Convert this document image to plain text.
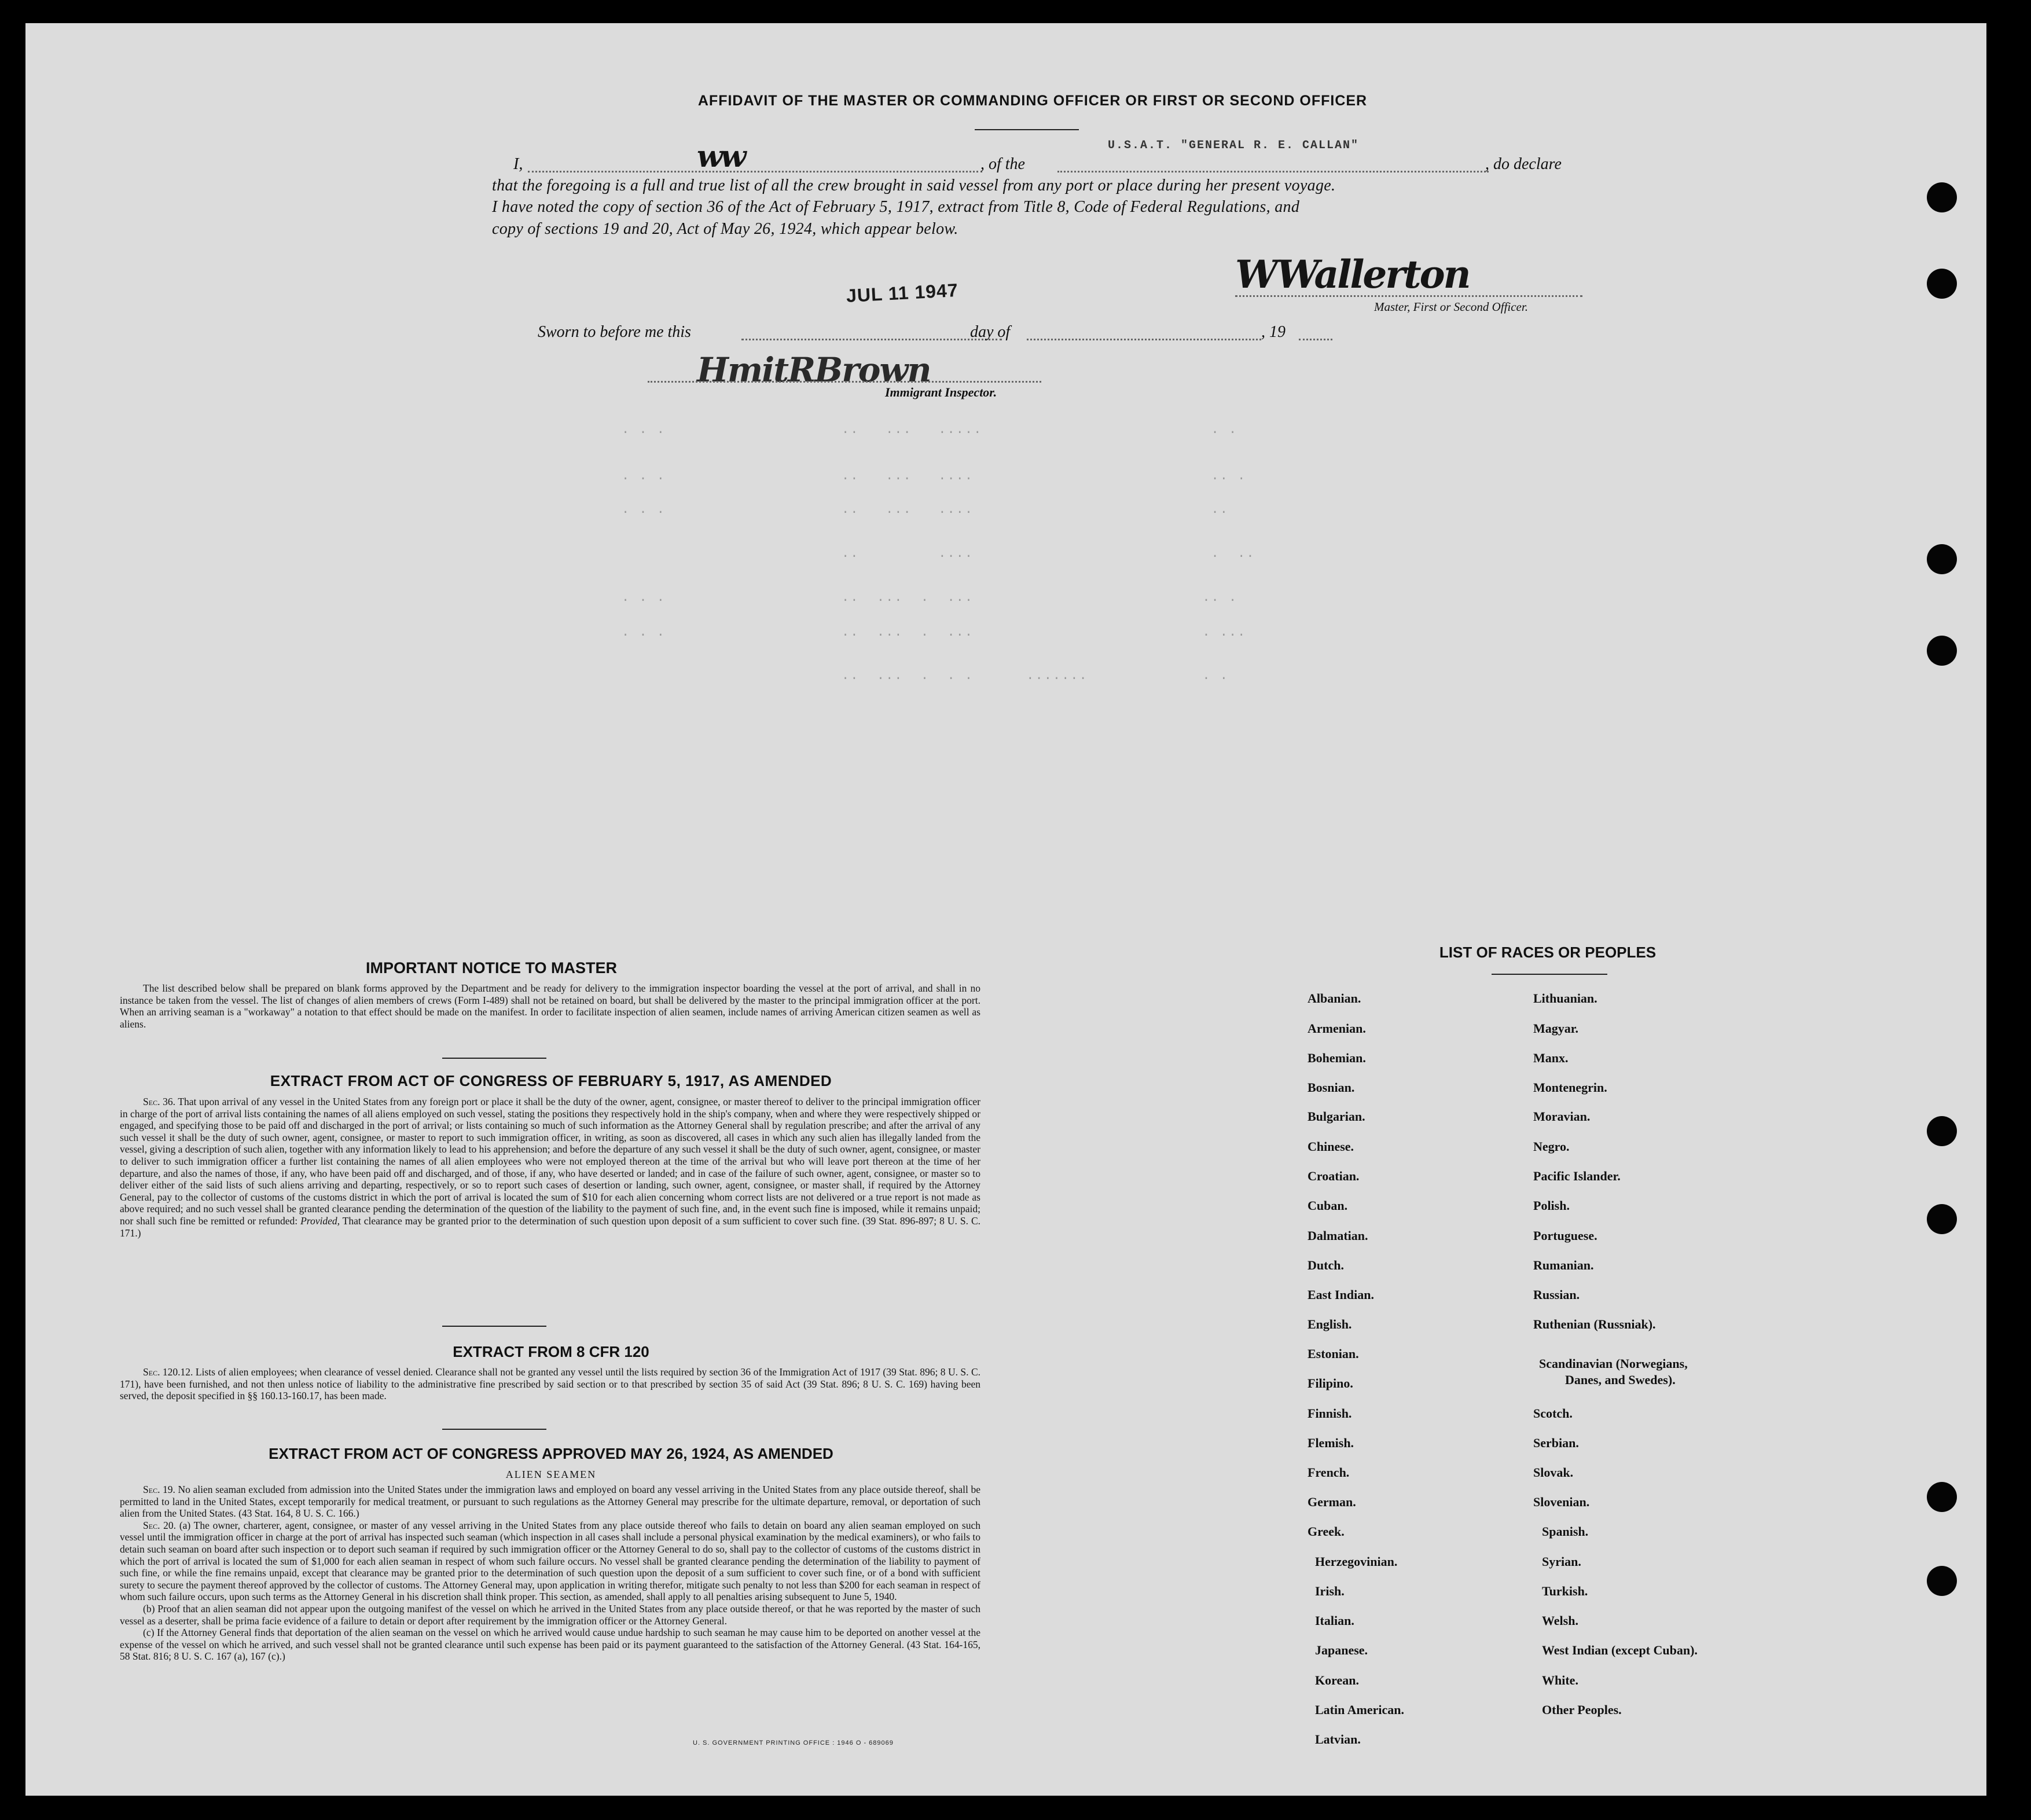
AFFIDAVIT OF THE MASTER OR COMMANDING OFFICER OR FIRST OR SECOND OFFICER
U.S.A.T. "GENERAL R. E. CALLAN"
I,	ww	, of the	, do declare
that the foregoing is a full and true list of all the crew brought in said vessel from any port or place during her present voyage.
I have noted the copy of section 36 of the Act of February 5, 1917, extract from Title 8, Code of Federal Regulations, and
copy of sections 19 and 20, Act of May 26, 1924, which appear below.
WWallerton
Master, First or Second Officer.
JUL 11 1947
Sworn to before me this	day of	, 19
HmitRBrown
Immigrant Inspector.
. . .                    ..   ...   .....                          . .
. . .                    ..   ...   ....                           .. .
. . .                    ..   ...   ....                           ..
..         ....                           .  ..
. . .                    ..  ...  .  ...                          .. .
. . .                    ..  ...  .  ...                          . ...
..  ...  .  . .      .......             . .
IMPORTANT NOTICE TO MASTER
The list described below shall be prepared on blank forms approved by the Department and be ready for delivery to the immigration inspector boarding the vessel at the port of arrival, and shall in no instance be taken from the vessel. The list of changes of alien members of crews (Form I-489) shall not be retained on board, but shall be delivered by the master to the principal immigration officer at the port. When an arriving seaman is a "workaway" a notation to that effect should be made on the manifest. In order to facilitate inspection of alien seamen, include names of arriving American citizen seamen as well as aliens.
EXTRACT FROM ACT OF CONGRESS OF FEBRUARY 5, 1917, AS AMENDED
Sec. 36. That upon arrival of any vessel in the United States from any foreign port or place it shall be the duty of the owner, agent, consignee, or master thereof to deliver to the principal immigration officer in charge of the port of arrival lists containing the names of all aliens employed on such vessel, stating the positions they respectively hold in the ship's company, when and where they were respectively shipped or engaged, and specifying those to be paid off and discharged in the port of arrival; or lists containing so much of such information as the Attorney General shall by regulation prescribe; and after the arrival of any such vessel it shall be the duty of such owner, agent, consignee, or master to report to such immigration officer, in writing, as soon as discovered, all cases in which any such alien has illegally landed from the vessel, giving a description of such alien, together with any information likely to lead to his apprehension; and before the departure of any such vessel it shall be the duty of such owner, agent, consignee, or master to deliver to such immigration officer a further list containing the names of all alien employees who were not employed thereon at the time of the arrival but who will leave port thereon at the time of her departure, and also the names of those, if any, who have been paid off and discharged, and of those, if any, who have deserted or landed; and in case of the failure of such owner, agent, consignee, or master so to deliver either of the said lists of such aliens arriving and departing, respectively, or so to report such cases of desertion or landing, such owner, agent, consignee, or master shall, if required by the Attorney General, pay to the collector of customs of the customs district in which the port of arrival is located the sum of $10 for each alien concerning whom correct lists are not delivered or a true report is not made as above required; and no such vessel shall be granted clearance pending the determination of the question of the liability to the payment of such fine, and, in the event such fine is imposed, while it remains unpaid; nor shall such fine be remitted or refunded: Provided, That clearance may be granted prior to the determination of such question upon deposit of a sum sufficient to cover such fine. (39 Stat. 896-897; 8 U. S. C. 171.)
EXTRACT FROM 8 CFR 120
Sec. 120.12. Lists of alien employees; when clearance of vessel denied. Clearance shall not be granted any vessel until the lists required by section 36 of the Immigration Act of 1917 (39 Stat. 896; 8 U. S. C. 171), have been furnished, and not then unless notice of liability to the administrative fine prescribed by said section or to that prescribed by section 35 of said Act (39 Stat. 896; 8 U. S. C. 169) having been served, the deposit specified in §§ 160.13-160.17, has been made.
EXTRACT FROM ACT OF CONGRESS APPROVED MAY 26, 1924, AS AMENDED
ALIEN SEAMEN
Sec. 19. No alien seaman excluded from admission into the United States under the immigration laws and employed on board any vessel arriving in the United States from any place outside thereof, shall be permitted to land in the United States, except temporarily for medical treatment, or pursuant to such regulations as the Attorney General may prescribe for the ultimate departure, removal, or deportation of such alien from the United States. (43 Stat. 164, 8 U. S. C. 166.)
Sec. 20. (a) The owner, charterer, agent, consignee, or master of any vessel arriving in the United States from any place outside thereof who fails to detain on board any alien seaman employed on such vessel until the immigration officer in charge at the port of arrival has inspected such seaman (which inspection in all cases shall include a personal physical examination by the medical examiners), or who fails to detain such seaman on board after such inspection or to deport such seaman if required by such immigration officer or the Attorney General to do so, shall pay to the collector of customs of the customs district in which the port of arrival is located the sum of $1,000 for each alien seaman in respect of whom such failure occurs. No vessel shall be granted clearance pending the determination of the liability to payment of such fine, or while the fine remains unpaid, except that clearance may be granted prior to the determination of such question upon the deposit of a sum sufficient to cover such fine, or of a bond with sufficient surety to secure the payment thereof approved by the collector of customs. The Attorney General may, upon application in writing therefor, mitigate such penalty to not less than $200 for each seaman in respect of whom such failure occurs, upon such terms as the Attorney General in his discretion shall think proper. This section, as amended, shall apply to all penalties arising subsequent to June 5, 1940.
(b) Proof that an alien seaman did not appear upon the outgoing manifest of the vessel on which he arrived in the United States from any place outside thereof, or that he was reported by the master of such vessel as a deserter, shall be prima facie evidence of a failure to detain or deport after requirement by the immigration officer or the Attorney General.
(c) If the Attorney General finds that deportation of the alien seaman on the vessel on which he arrived would cause undue hardship to such seaman he may cause him to be deported on another vessel at the expense of the vessel on which he arrived, and such vessel shall not be granted clearance until such expense has been paid or its payment guaranteed to the satisfaction of the Attorney General. (43 Stat. 164-165, 58 Stat. 816; 8 U. S. C. 167 (a), 167 (c).)
U. S. GOVERNMENT PRINTING OFFICE : 1946 O - 689069
LIST OF RACES OR PEOPLES
Albanian.
Armenian.
Bohemian.
Bosnian.
Bulgarian.
Chinese.
Croatian.
Cuban.
Dalmatian.
Dutch.
East Indian.
English.
Estonian.
Filipino.
Finnish.
Flemish.
French.
German.
Greek.
Herzegovinian.
Irish.
Italian.
Japanese.
Korean.
Latin American.
Latvian.
Lithuanian.
Magyar.
Manx.
Montenegrin.
Moravian.
Negro.
Pacific Islander.
Polish.
Portuguese.
Rumanian.
Russian.
Ruthenian (Russniak).
Scandinavian (Norwegians,
Danes, and Swedes).
Scotch.
Serbian.
Slovak.
Slovenian.
Spanish.
Syrian.
Turkish.
Welsh.
West Indian (except Cuban).
White.
Other Peoples.
